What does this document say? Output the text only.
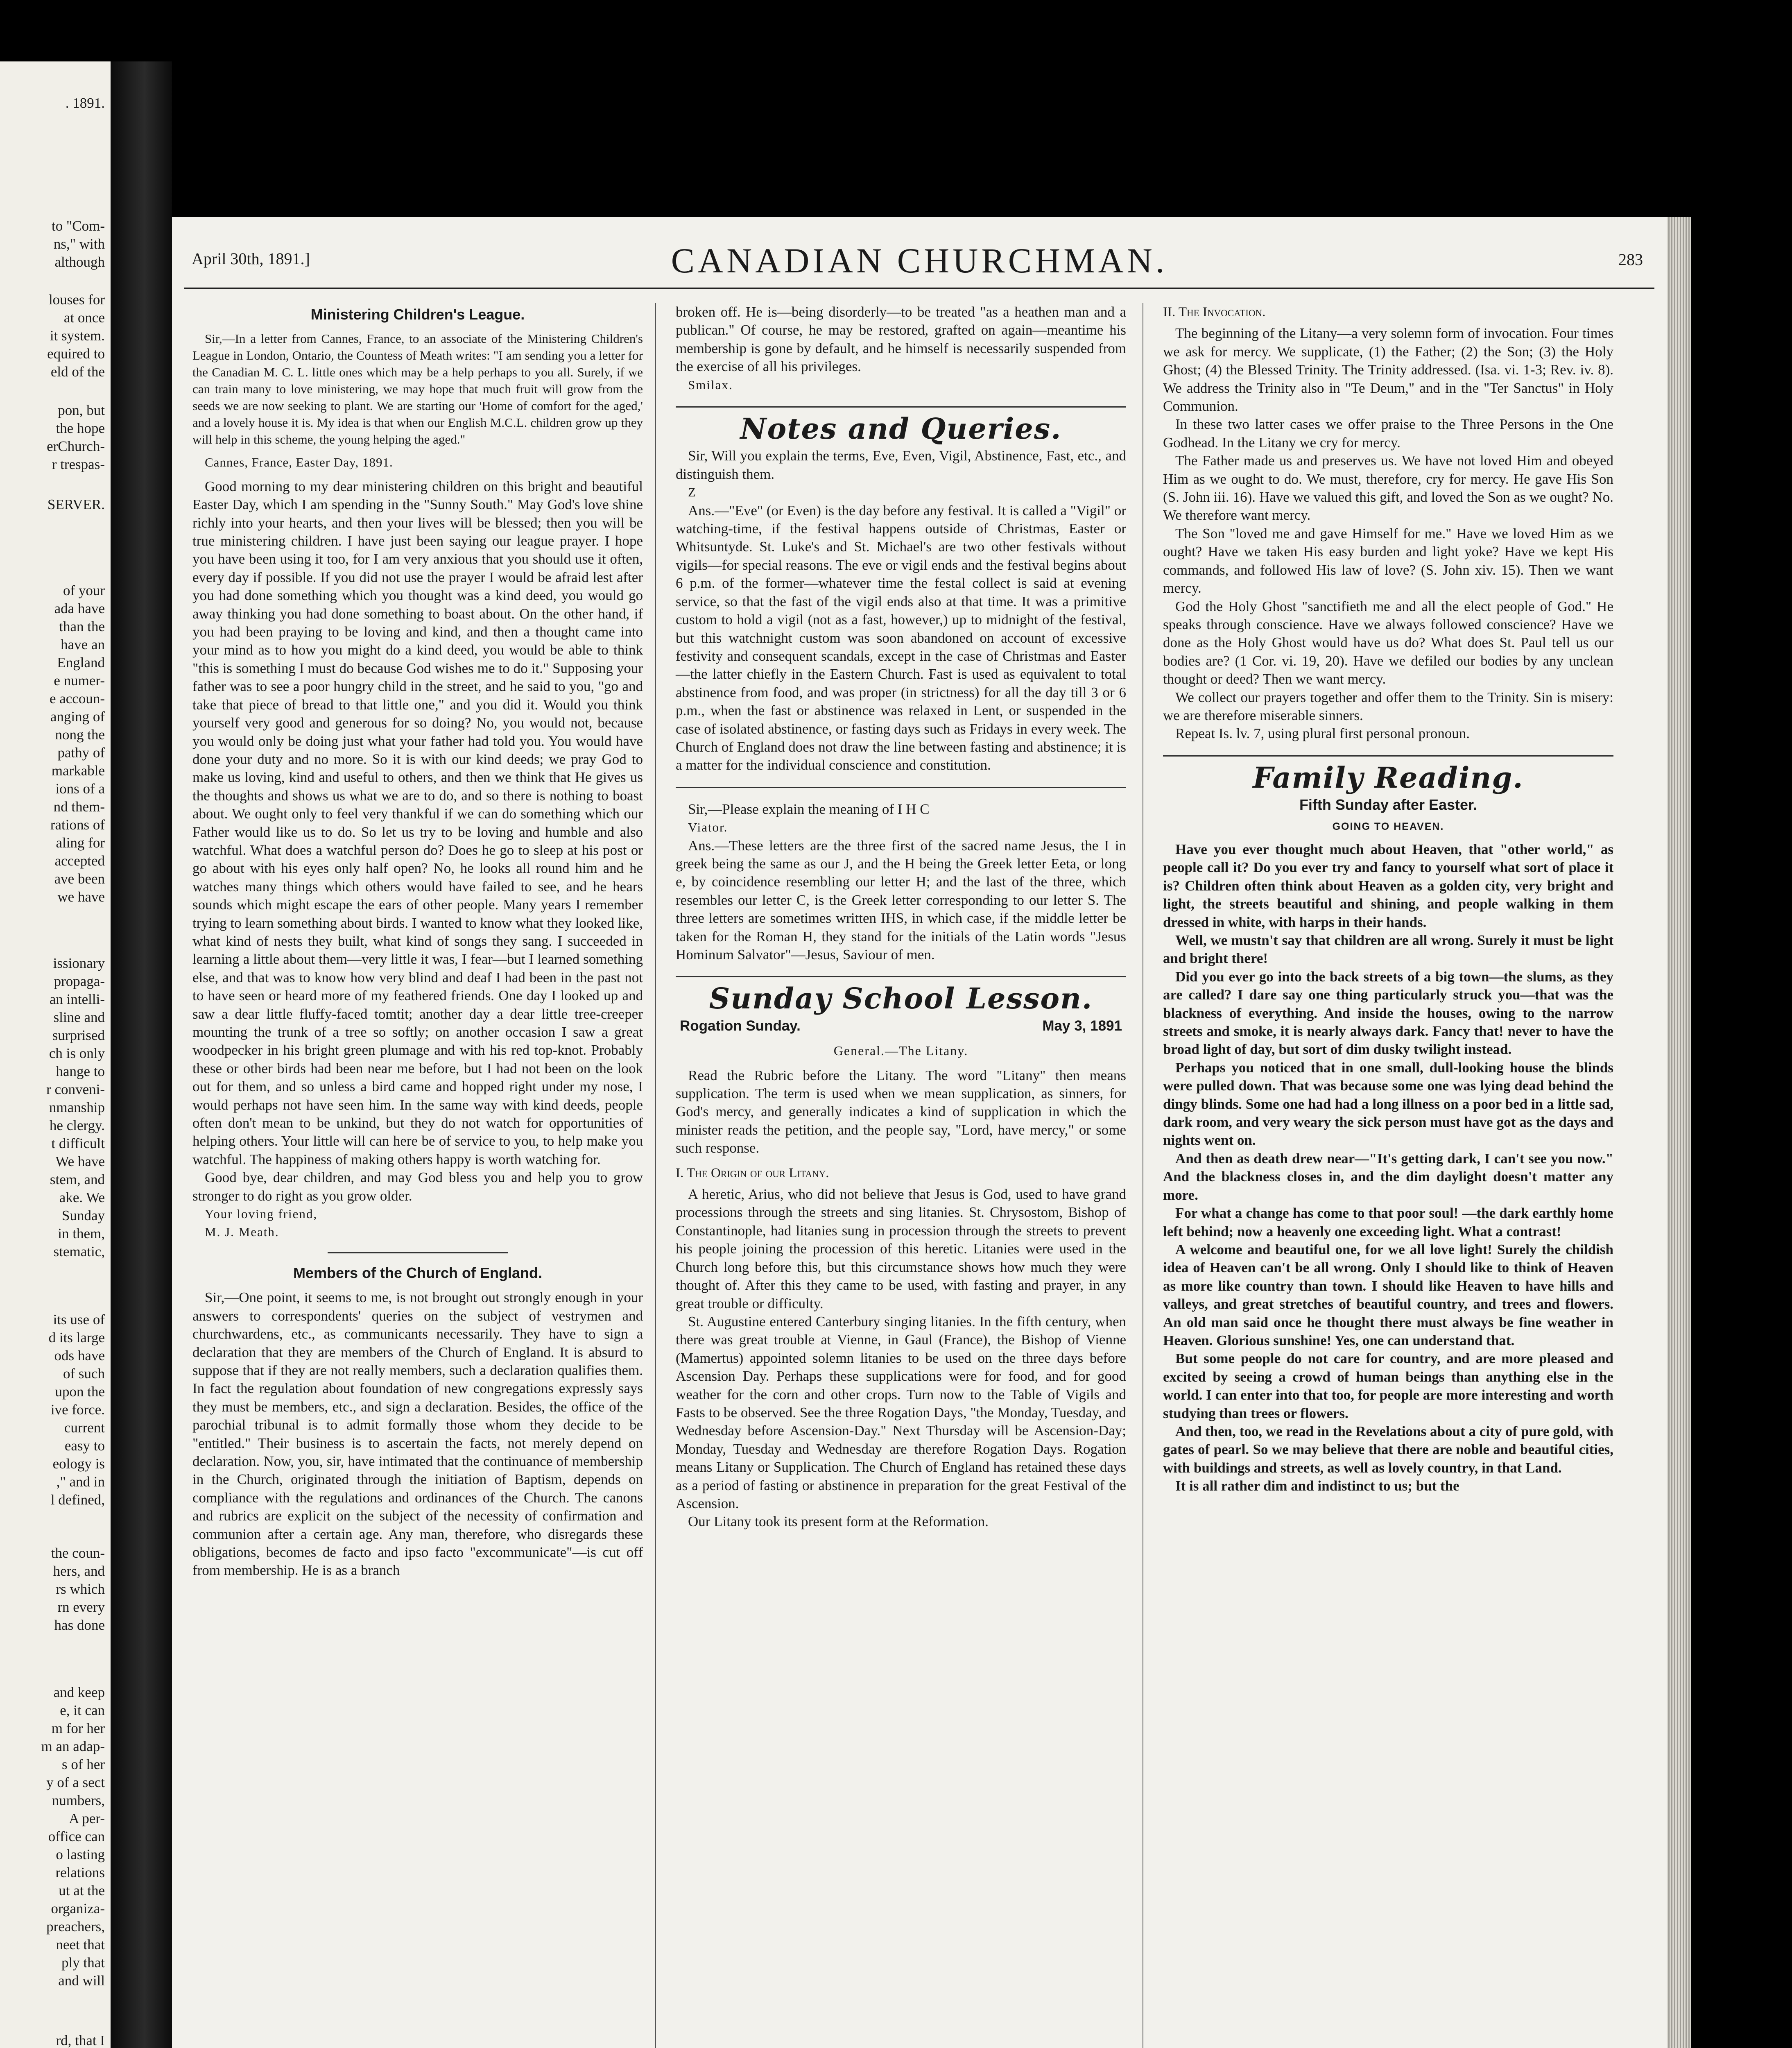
. 1891.
to "Com-
ns," with
although
louses for
at once
it system.
equired to
eld of the
pon, but
the hope
erChurch-
r trespas-
SERVER.
of your
ada have
than the
have an
England
e numer-
e accoun-
anging of
nong the
pathy of
markable
ions of a
nd them-
rations of
aling for
accepted
ave been
we have
issionary
propaga-
an intelli-
sline and
surprised
ch is only
hange to
r conveni-
nmanship
he clergy.
t difficult
We have
stem, and
ake. We
Sunday
in them,
stematic,
its use of
d its large
ods have
of such
upon the
ive force.
current
easy to
eology is
," and in
l defined,
the coun-
hers, and
rs which
rn every
has done
and keep
e, it can
m for her
m an adap-
s of her
y of a sect
numbers,
A per-
office can
o lasting
relations
ut at the
organiza-
preachers,
neet that
ply that
and will
rd, that I
April 30th, 1891.]	CANADIAN CHURCHMAN.	283
Ministering Children's League.

Sir,—In a letter from Cannes, France, to an associate of the Ministering Children's League in London, Ontario, the Countess of Meath writes: "I am sending you a letter for the Canadian M. C. L. little ones which may be a help perhaps to you all. Surely, if we can train many to love ministering, we may hope that much fruit will grow from the seeds we are now seeking to plant. We are starting our 'Home of comfort for the aged,' and a lovely house it is. My idea is that when our English M.C.L. children grow up they will help in this scheme, the young helping the aged."

Cannes, France, Easter Day, 1891.

Good morning to my dear ministering children on this bright and beautiful Easter Day, which I am spending in the "Sunny South." May God's love shine richly into your hearts, and then your lives will be blessed; then you will be true ministering children. I have just been saying our league prayer. I hope you have been using it too, for I am very anxious that you should use it often, every day if possible. If you did not use the prayer I would be afraid lest after you had done something which you thought was a kind deed, you would go away thinking you had done something to boast about. On the other hand, if you had been praying to be loving and kind, and then a thought came into your mind as to how you might do a kind deed, you would be able to think "this is something I must do because God wishes me to do it." Supposing your father was to see a poor hungry child in the street, and he said to you, "go and take that piece of bread to that little one," and you did it. Would you think yourself very good and generous for so doing? No, you would not, because you would only be doing just what your father had told you. You would have done your duty and no more. So it is with our kind deeds; we pray God to make us loving, kind and useful to others, and then we think that He gives us the thoughts and shows us what we are to do, and so there is nothing to boast about. We ought only to feel very thankful if we can do something which our Father would like us to do. So let us try to be loving and humble and also watchful. What does a watchful person do? Does he go to sleep at his post or go about with his eyes only half open? No, he looks all round him and he watches many things which others would have failed to see, and he hears sounds which might escape the ears of other people. Many years I remember trying to learn something about birds. I wanted to know what they looked like, what kind of nests they built, what kind of songs they sang. I succeeded in learning a little about them—very little it was, I fear—but I learned something else, and that was to know how very blind and deaf I had been in the past not to have seen or heard more of my feathered friends. One day I looked up and saw a dear little fluffy-faced tomtit; another day a dear little tree-creeper mounting the trunk of a tree so softly; on another occasion I saw a great woodpecker in his bright green plumage and with his red top-knot. Probably these or other birds had been near me before, but I had not been on the look out for them, and so unless a bird came and hopped right under my nose, I would perhaps not have seen him. In the same way with kind deeds, people often don't mean to be unkind, but they do not watch for opportunities of helping others. Your little will can here be of service to you, to help make you watchful. The happiness of making others happy is worth watching for.

Good bye, dear children, and may God bless you and help you to grow stronger to do right as you grow older.

Your loving friend,

M. J. Meath.

Members of the Church of England.

Sir,—One point, it seems to me, is not brought out strongly enough in your answers to correspondents' queries on the subject of vestrymen and churchwardens, etc., as communicants necessarily. They have to sign a declaration that they are members of the Church of England. It is absurd to suppose that if they are not really members, such a declaration qualifies them. In fact the regulation about foundation of new congregations expressly says they must be members, etc., and sign a declaration. Besides, the office of the parochial tribunal is to admit formally those whom they decide to be "entitled." Their business is to ascertain the facts, not merely depend on declaration. Now, you, sir, have intimated that the continuance of membership in the Church, originated through the initiation of Baptism, depends on compliance with the regulations and ordinances of the Church. The canons and rubrics are explicit on the subject of the necessity of confirmation and communion after a certain age. Any man, therefore, who disregards these obligations, becomes de facto and ipso facto "excommunicate"—is cut off from membership. He is as a branch

broken off. He is—being disorderly—to be treated "as a heathen man and a publican." Of course, he may be restored, grafted on again—meantime his membership is gone by default, and he himself is necessarily suspended from the exercise of all his privileges.

Smilax.

Notes and Queries.

Sir, Will you explain the terms, Eve, Even, Vigil, Abstinence, Fast, etc., and distinguish them.

Z

Ans.—"Eve" (or Even) is the day before any festival. It is called a "Vigil" or watching-time, if the festival happens outside of Christmas, Easter or Whitsuntyde. St. Luke's and St. Michael's are two other festivals without vigils—for special reasons. The eve or vigil ends and the festival begins about 6 p.m. of the former—whatever time the festal collect is said at evening service, so that the fast of the vigil ends also at that time. It was a primitive custom to hold a vigil (not as a fast, however,) up to midnight of the festival, but this watchnight custom was soon abandoned on account of excessive festivity and consequent scandals, except in the case of Christmas and Easter—the latter chiefly in the Eastern Church. Fast is used as equivalent to total abstinence from food, and was proper (in strictness) for all the day till 3 or 6 p.m., when the fast or abstinence was relaxed in Lent, or suspended in the case of isolated abstinence, or fasting days such as Fridays in every week. The Church of England does not draw the line between fasting and abstinence; it is a matter for the individual conscience and constitution.

Sir,—Please explain the meaning of I H C

Viator.

Ans.—These letters are the three first of the sacred name Jesus, the I in greek being the same as our J, and the H being the Greek letter Eeta, or long e, by coincidence resembling our letter H; and the last of the three, which resembles our letter C, is the Greek letter corresponding to our letter S. The three letters are sometimes written IHS, in which case, if the middle letter be taken for the Roman H, they stand for the initials of the Latin words "Jesus Hominum Salvator"—Jesus, Saviour of men.

Sunday School Lesson.
Rogation Sunday.	May 3, 1891
General.—The Litany.

Read the Rubric before the Litany. The word "Litany" then means supplication. The term is used when we mean supplication, as sinners, for God's mercy, and generally indicates a kind of supplication in which the minister reads the petition, and the people say, "Lord, have mercy," or some such response.

I. The Origin of our Litany.

A heretic, Arius, who did not believe that Jesus is God, used to have grand processions through the streets and sing litanies. St. Chrysostom, Bishop of Constantinople, had litanies sung in procession through the streets to prevent his people joining the procession of this heretic. Litanies were used in the Church long before this, but this circumstance shows how much they were thought of. After this they came to be used, with fasting and prayer, in any great trouble or difficulty.

St. Augustine entered Canterbury singing litanies. In the fifth century, when there was great trouble at Vienne, in Gaul (France), the Bishop of Vienne (Mamertus) appointed solemn litanies to be used on the three days before Ascension Day. Perhaps these supplications were for food, and for good weather for the corn and other crops. Turn now to the Table of Vigils and Fasts to be observed. See the three Rogation Days, "the Monday, Tuesday, and Wednesday before Ascension-Day." Next Thursday will be Ascension-Day; Monday, Tuesday and Wednesday are therefore Rogation Days. Rogation means Litany or Supplication. The Church of England has retained these days as a period of fasting or abstinence in preparation for the great Festival of the Ascension.

Our Litany took its present form at the Reformation.

II. The Invocation.

The beginning of the Litany—a very solemn form of invocation. Four times we ask for mercy. We supplicate, (1) the Father; (2) the Son; (3) the Holy Ghost; (4) the Blessed Trinity. The Trinity addressed. (Isa. vi. 1-3; Rev. iv. 8). We address the Trinity also in "Te Deum," and in the "Ter Sanctus" in Holy Communion.

In these two latter cases we offer praise to the Three Persons in the One Godhead. In the Litany we cry for mercy.

The Father made us and preserves us. We have not loved Him and obeyed Him as we ought to do. We must, therefore, cry for mercy. He gave His Son (S. John iii. 16). Have we valued this gift, and loved the Son as we ought? No. We therefore want mercy.

The Son "loved me and gave Himself for me." Have we loved Him as we ought? Have we taken His easy burden and light yoke? Have we kept His commands, and followed His law of love? (S. John xiv. 15). Then we want mercy.

God the Holy Ghost "sanctifieth me and all the elect people of God." He speaks through conscience. Have we always followed conscience? Have we done as the Holy Ghost would have us do? What does St. Paul tell us our bodies are? (1 Cor. vi. 19, 20). Have we defiled our bodies by any unclean thought or deed? Then we want mercy.

We collect our prayers together and offer them to the Trinity. Sin is misery: we are therefore miserable sinners.

Repeat Is. lv. 7, using plural first personal pronoun.

Family Reading.
Fifth Sunday after Easter.
GOING TO HEAVEN.

Have you ever thought much about Heaven, that "other world," as people call it? Do you ever try and fancy to yourself what sort of place it is? Children often think about Heaven as a golden city, very bright and light, the streets beautiful and shining, and people walking in them dressed in white, with harps in their hands.

Well, we mustn't say that children are all wrong. Surely it must be light and bright there!

Did you ever go into the back streets of a big town—the slums, as they are called? I dare say one thing particularly struck you—that was the blackness of everything. And inside the houses, owing to the narrow streets and smoke, it is nearly always dark. Fancy that! never to have the broad light of day, but sort of dim dusky twilight instead.

Perhaps you noticed that in one small, dull-looking house the blinds were pulled down. That was because some one was lying dead behind the dingy blinds. Some one had had a long illness on a poor bed in a little sad, dark room, and very weary the sick person must have got as the days and nights went on.

And then as death drew near—"It's getting dark, I can't see you now." And the blackness closes in, and the dim daylight doesn't matter any more.

For what a change has come to that poor soul! —the dark earthly home left behind; now a heavenly one exceeding light. What a contrast!

A welcome and beautiful one, for we all love light! Surely the childish idea of Heaven can't be all wrong. Only I should like to think of Heaven as more like country than town. I should like Heaven to have hills and valleys, and great stretches of beautiful country, and trees and flowers. An old man said once he thought there must always be fine weather in Heaven. Glorious sunshine! Yes, one can understand that.

But some people do not care for country, and are more pleased and excited by seeing a crowd of human beings than anything else in the world. I can enter into that too, for people are more interesting and worth studying than trees or flowers.

And then, too, we read in the Revelations about a city of pure gold, with gates of pearl. So we may believe that there are noble and beautiful cities, with buildings and streets, as well as lovely country, in that Land.

It is all rather dim and indistinct to us; but the
